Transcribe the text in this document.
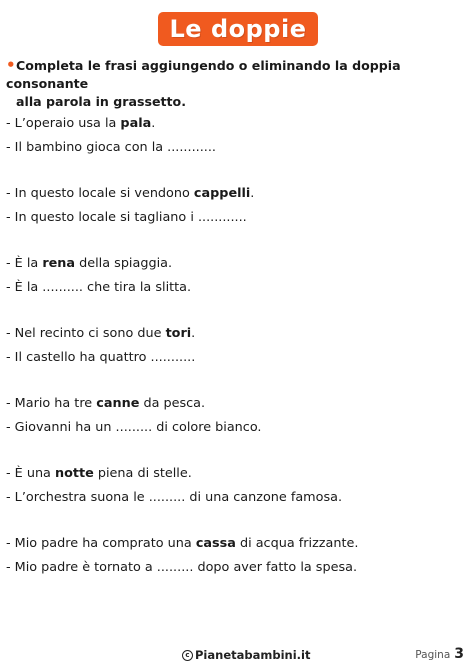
Le doppie
•Completa le frasi aggiungendo o eliminando la doppia consonante
alla parola in grassetto.
- L’operaio usa la pala.
- Il bambino gioca con la ............
- In questo locale si vendono cappelli.
- In questo locale si tagliano i ............
- È la rena della spiaggia.
- È la .......... che tira la slitta.
- Nel recinto ci sono due tori.
- Il castello ha quattro ...........
- Mario ha tre canne da pesca.
- Giovanni ha un ......... di colore bianco.
- È una notte piena di stelle.
- L’orchestra suona le ......... di una canzone famosa.
- Mio padre ha comprato una cassa di acqua frizzante.
- Mio padre è tornato a ......... dopo aver fatto la spesa.
c Pianetabambini.it	Pagina 3
